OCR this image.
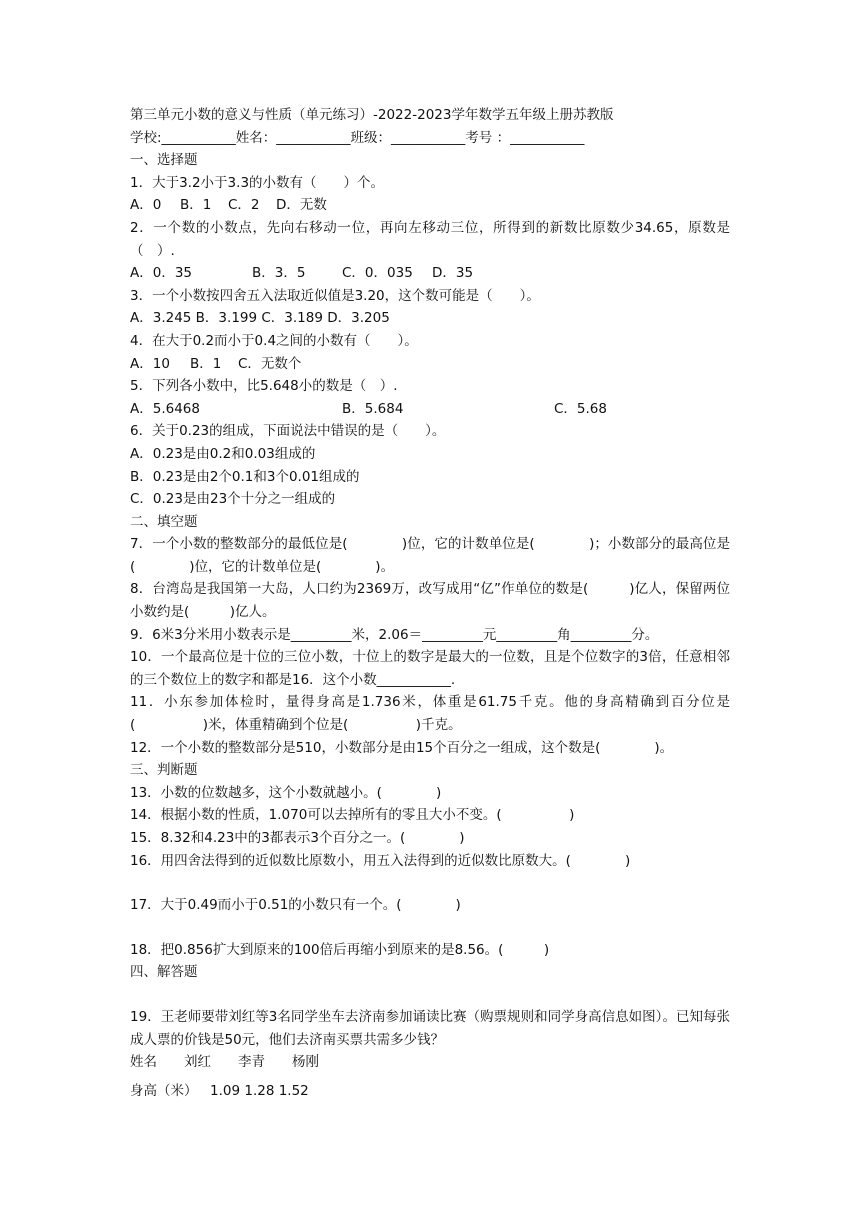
第三单元小数的意义与性质（单元练习）-2022-2023学年数学五年级上册苏教版
学校:___________姓名：___________班级：___________考号 ：___________
一、选择题
1．大于3.2小于3.3的小数有（　　）个。
A．0	B．1	C．2	D．无数
2．一个数的小数点，先向右移动一位，再向左移动三位，所得到的新数比原数少34.65，原数是 （　）.
A．0．35	B．3．5	C．0．035	D．35
3．一个小数按四舍五入法取近似值是3.20，这个数可能是（　　）。
A．3.245 B．3.199 C．3.189 D．3.205
4．在大于0.2而小于0.4之间的小数有（　　）。
A．10	B．1	C．无数个
5．下列各小数中，比5.648小的数是（　）.
A．5.6468	B．5.684	C．5.68
6．关于0.23的组成，下面说法中错误的是（　　）。
A．0.23是由0.2和0.03组成的
B．0.23是由2个0.1和3个0.01组成的
C．0.23是由23个十分之一组成的
二、填空题
7．一个小数的整数部分的最低位是(　　　　)位，它的计数单位是(　　　　)；小数部分的最高位是(　　　　)位，它的计数单位是(　　　　)。
8．台湾岛是我国第一大岛，人口约为2369万，改写成用“亿”作单位的数是(　　　)亿人，保留两位小数约是(　　　)亿人。
9．6米3分米用小数表示是_________米，2.06＝_________元_________角_________分。
10．一个最高位是十位的三位小数，十位上的数字是最大的一位数，且是个位数字的3倍，任意相邻的三个数位上的数字和都是16．这个小数___________.
11．小东参加体检时，量得身高是1.736米，体重是61.75千克。他的身高精确到百分位是(　　　　　)米，体重精确到个位是(　　　　　)千克。
12．一个小数的整数部分是510，小数部分是由15个百分之一组成，这个数是(　　　　)。
三、判断题
13．小数的位数越多，这个小数就越小。(　　　　)
14．根据小数的性质，1.070可以去掉所有的零且大小不变。(　　　　　)
15．8.32和4.23中的3都表示3个百分之一。(　　　　)
16．用四舍法得到的近似数比原数小，用五入法得到的近似数比原数大。(　　　　)
17．大于0.49而小于0.51的小数只有一个。(　　　　)
18．把0.856扩大到原来的100倍后再缩小到原来的是8.56。(　　　)
四、解答题
19．王老师要带刘红等3名同学坐车去济南参加诵读比赛（购票规则和同学身高信息如图）。已知每张成人票的价钱是50元，他们去济南买票共需多少钱？
姓名	刘红	李青	杨刚
身高（米） 1.09 1.28 1.52
